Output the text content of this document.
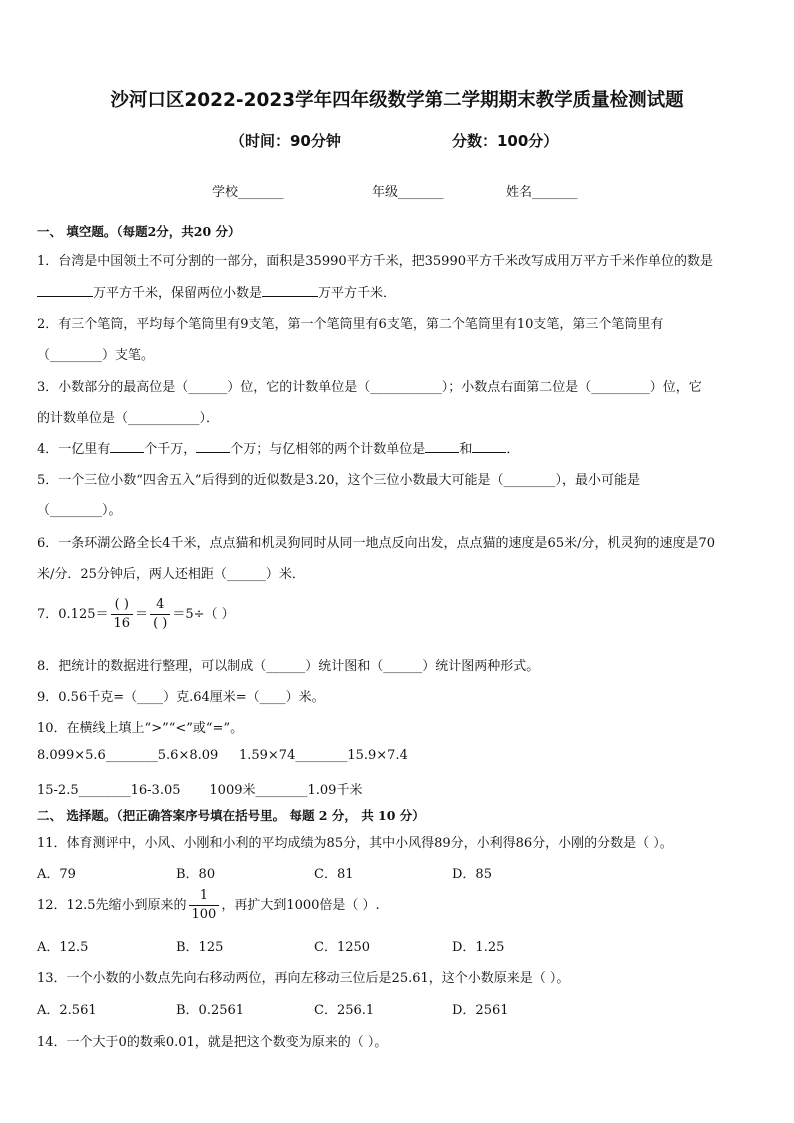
沙河口区2022-2023学年四年级数学第二学期期末教学质量检测试题
（时间：90分钟	分数：100分）
学校_______	年级_______	姓名_______
一、 填空题。（每题2分，共20 分）
1．台湾是中国领土不可分割的一部分，面积是35990平方千米，把35990平方千米改写成用万平方千米作单位的数是
万平方千米，保留两位小数是	万平方千米．
2．有三个笔筒，平均每个笔筒里有9支笔，第一个笔筒里有6支笔，第二个笔筒里有10支笔，第三个笔筒里有
（________）支笔。
3．小数部分的最高位是（______）位，它的计数单位是（___________）；小数点右面第二位是（_________）位，它
的计数单位是（___________）．
4．一亿里有	个千万，	个万；与亿相邻的两个计数单位是	和	．
5．一个三位小数“四舍五入”后得到的近似数是3.20，这个三位小数最大可能是（________），最小可能是
（________）。
6．一条环湖公路全长4千米，点点猫和机灵狗同时从同一地点反向出发，点点猫的速度是65米/分，机灵狗的速度是70
米/分．25分钟后，两人还相距（______）米．
7．$0.125= \frac{( )}{16} = \frac{4}{( )} =5\div$（ ）
8．把统计的数据进行整理，可以制成（______）统计图和（______）统计图两种形式。
9．0.56千克=（____）克.64厘米=（____）米。
10．在横线上填上“>”“<”或“=”。
8.099×5.6________5.6×8.09     1.59×74________15.9×7.4
15-2.5________16-3.05       1009米________1.09千米
二、 选择题。（把正确答案序号填在括号里。 每题 2 分， 共 10 分）
11．体育测评中，小风、小刚和小利的平均成绩为85分，其中小风得89分，小利得86分，小刚的分数是（ ）。
A．79	B．80	C．81	D．85
12．12.5先缩小到原来的 $\frac{1}{100}$ ，再扩大到1000倍是（ ）.
A．12.5	B．125	C．1250	D．1.25
13．一个小数的小数点先向右移动两位，再向左移动三位后是25.61，这个小数原来是（ ）。
A．2.561	B．0.2561	C．256.1	D．2561
14．一个大于0的数乘0.01，就是把这个数变为原来的（ ）。
